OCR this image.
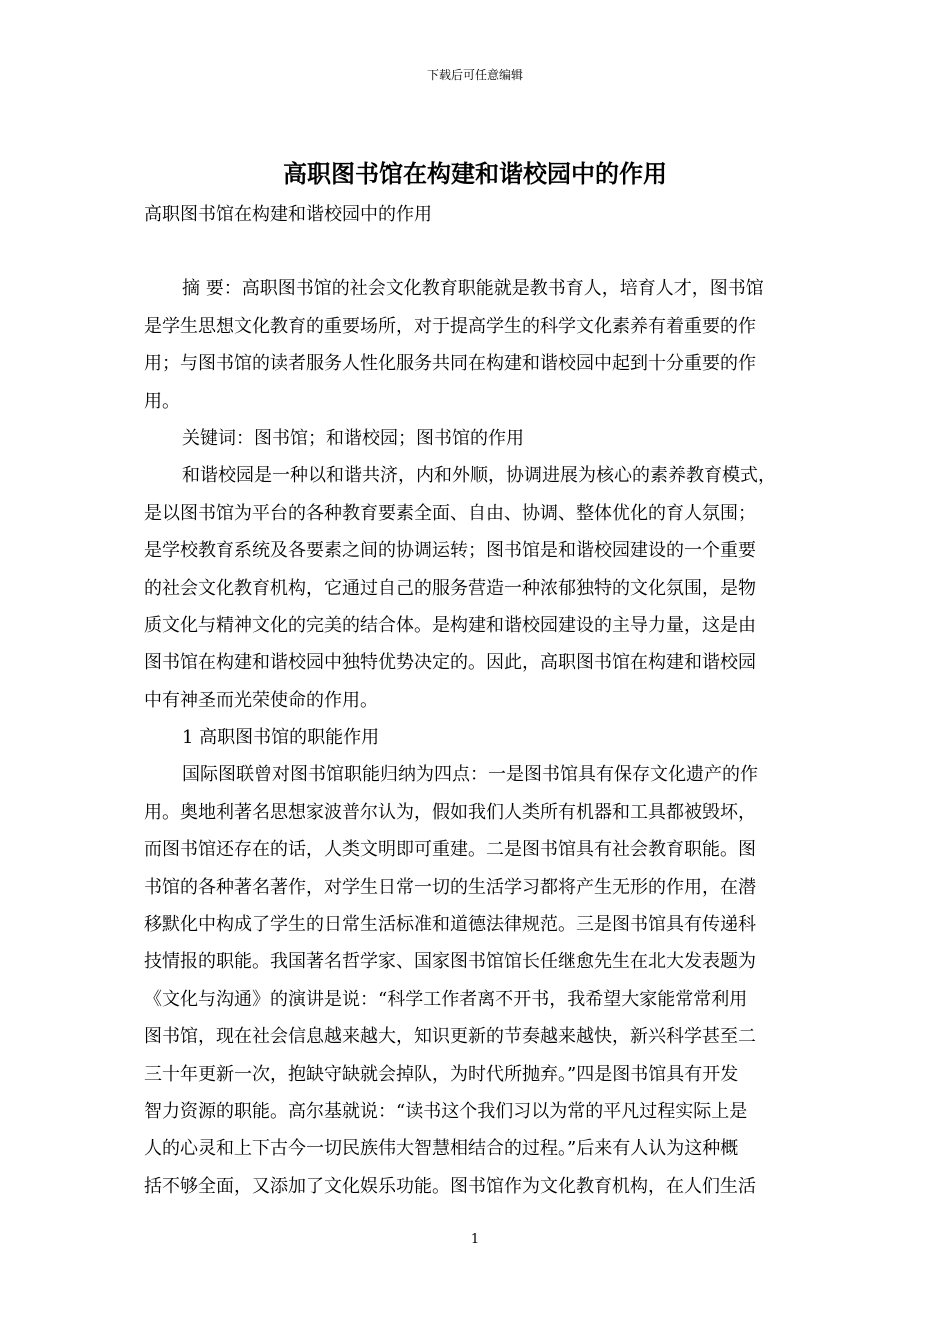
下载后可任意编辑
高职图书馆在构建和谐校园中的作用
高职图书馆在构建和谐校园中的作用
摘 要：高职图书馆的社会文化教育职能就是教书育人，培育人才，图书馆
是学生思想文化教育的重要场所，对于提高学生的科学文化素养有着重要的作
用；与图书馆的读者服务人性化服务共同在构建和谐校园中起到十分重要的作
用。
关键词：图书馆；和谐校园；图书馆的作用
和谐校园是一种以和谐共济，内和外顺，协调进展为核心的素养教育模式，
是以图书馆为平台的各种教育要素全面、自由、协调、整体优化的育人氛围；
是学校教育系统及各要素之间的协调运转；图书馆是和谐校园建设的一个重要
的社会文化教育机构，它通过自己的服务营造一种浓郁独特的文化氛围，是物
质文化与精神文化的完美的结合体。是构建和谐校园建设的主导力量，这是由
图书馆在构建和谐校园中独特优势决定的。因此，高职图书馆在构建和谐校园
中有神圣而光荣使命的作用。
1 高职图书馆的职能作用
国际图联曾对图书馆职能归纳为四点：一是图书馆具有保存文化遗产的作
用。奥地利著名思想家波普尔认为，假如我们人类所有机器和工具都被毁坏，
而图书馆还存在的话，人类文明即可重建。二是图书馆具有社会教育职能。图
书馆的各种著名著作，对学生日常一切的生活学习都将产生无形的作用，在潜
移默化中构成了学生的日常生活标准和道德法律规范。三是图书馆具有传递科
技情报的职能。我国著名哲学家、国家图书馆馆长任继愈先生在北大发表题为
《文化与沟通》的演讲是说：“科学工作者离不开书，我希望大家能常常利用
图书馆，现在社会信息越来越大，知识更新的节奏越来越快，新兴科学甚至二
三十年更新一次，抱缺守缺就会掉队，为时代所抛弃。”四是图书馆具有开发
智力资源的职能。高尔基就说：“读书这个我们习以为常的平凡过程实际上是
人的心灵和上下古今一切民族伟大智慧相结合的过程。”后来有人认为这种概
括不够全面，又添加了文化娱乐功能。图书馆作为文化教育机构，在人们生活
1
